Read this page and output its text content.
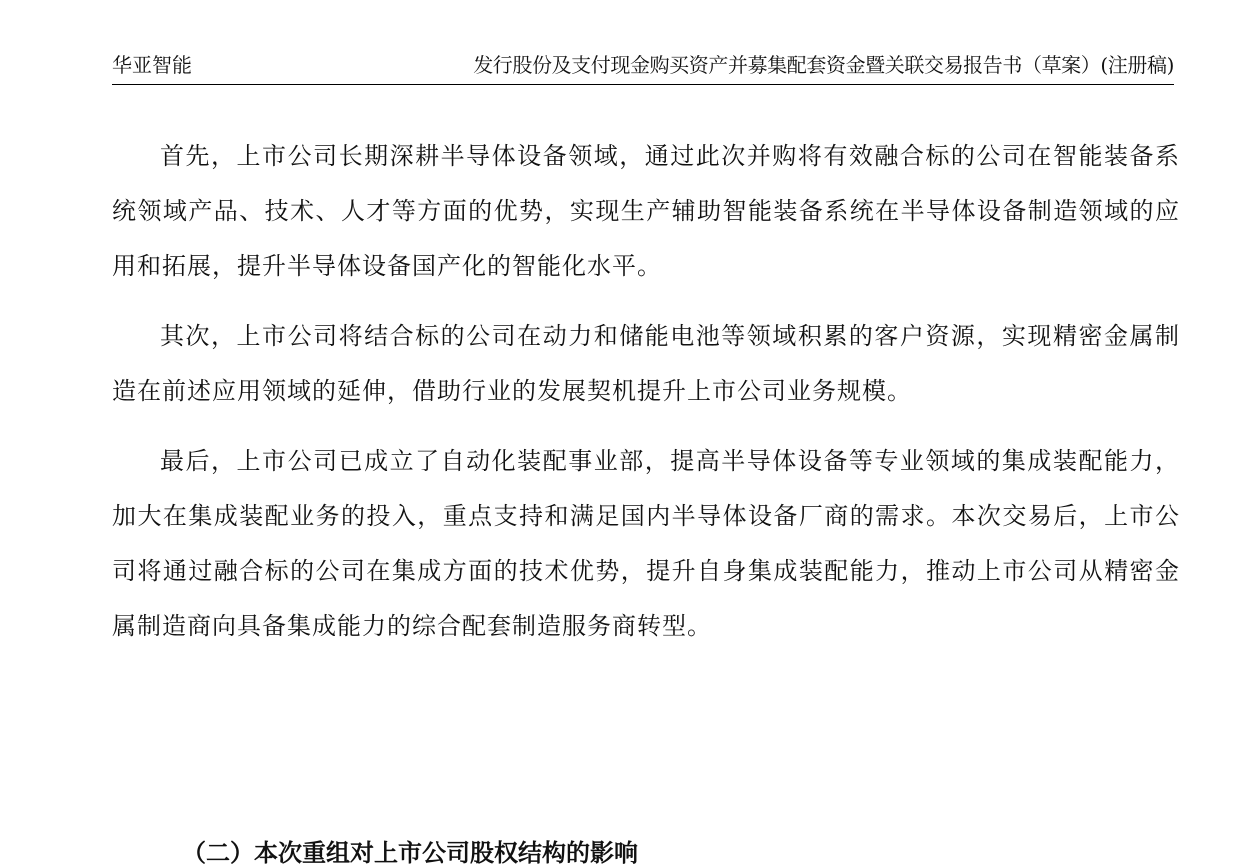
华亚智能	发行股份及支付现金购买资产并募集配套资金暨关联交易报告书（草案）(注册稿)

首先，上市公司长期深耕半导体设备领域，通过此次并购将有效融合标的公司在智能装备系统领域产品、技术、人才等方面的优势，实现生产辅助智能装备系统在半导体设备制造领域的应用和拓展，提升半导体设备国产化的智能化水平。

其次，上市公司将结合标的公司在动力和储能电池等领域积累的客户资源，实现精密金属制造在前述应用领域的延伸，借助行业的发展契机提升上市公司业务规模。

最后，上市公司已成立了自动化装配事业部，提高半导体设备等专业领域的集成装配能力，加大在集成装配业务的投入，重点支持和满足国内半导体设备厂商的需求。本次交易后，上市公司将通过融合标的公司在集成方面的技术优势，提升自身集成装配能力，推动上市公司从精密金属制造商向具备集成能力的综合配套制造服务商转型。

（二）本次重组对上市公司股权结构的影响
